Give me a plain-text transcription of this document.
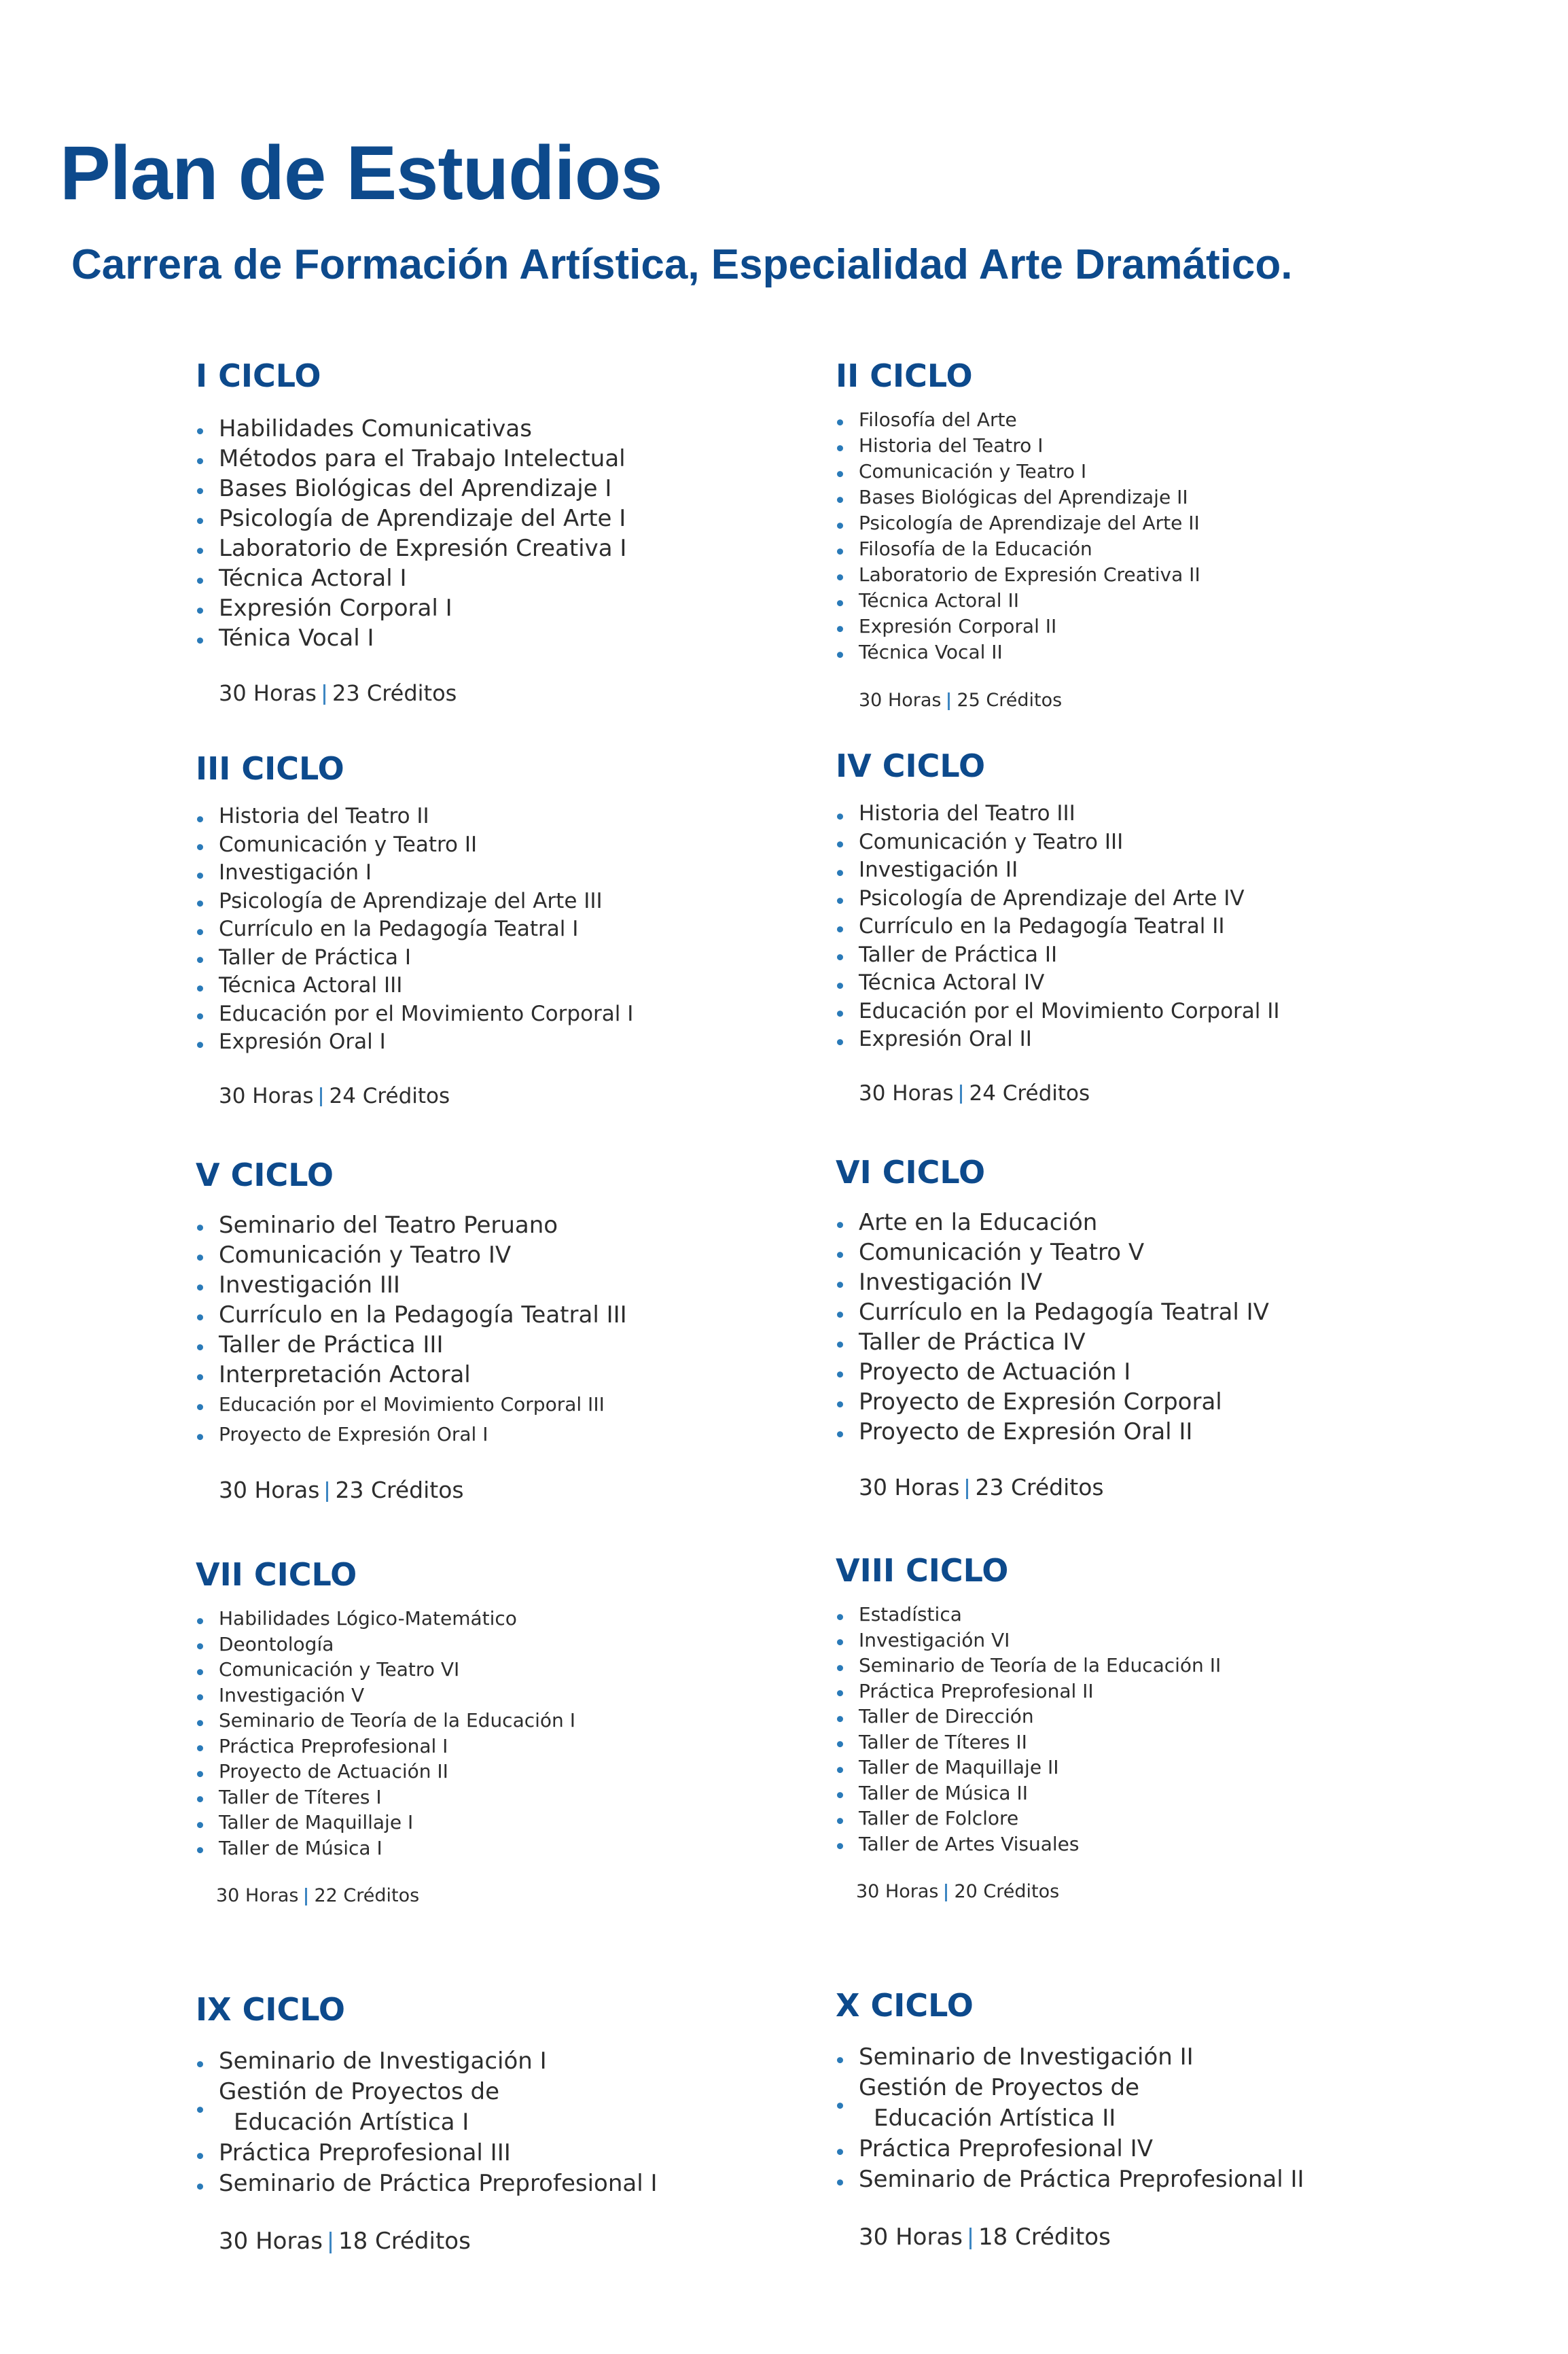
Plan de Estudios
Carrera de Formación Artística, Especialidad Arte Dramático.
I CICLO
Habilidades Comunicativas
Métodos para el Trabajo Intelectual
Bases Biológicas del Aprendizaje I
Psicología de Aprendizaje del Arte I
Laboratorio de Expresión Creativa I
Técnica Actoral I
Expresión Corporal I
Ténica Vocal I
30 Horas 23 Créditos
II CICLO
Filosofía del Arte
Historia del Teatro I
Comunicación y Teatro I
Bases Biológicas del Aprendizaje II
Psicología de Aprendizaje del Arte II
Filosofía de la Educación
Laboratorio de Expresión Creativa II
Técnica Actoral II
Expresión Corporal II
Técnica Vocal II
30 Horas 25 Créditos
III CICLO
Historia del Teatro II
Comunicación y Teatro II
Investigación I
Psicología de Aprendizaje del Arte III
Currículo en la Pedagogía Teatral I
Taller de Práctica I
Técnica Actoral III
Educación por el Movimiento Corporal I
Expresión Oral I
30 Horas 24 Créditos
IV CICLO
Historia del Teatro III
Comunicación y Teatro III
Investigación II
Psicología de Aprendizaje del Arte IV
Currículo en la Pedagogía Teatral II
Taller de Práctica II
Técnica Actoral IV
Educación por el Movimiento Corporal II
Expresión Oral II
30 Horas 24 Créditos
V CICLO
Seminario del Teatro Peruano
Comunicación y Teatro IV
Investigación III
Currículo en la Pedagogía Teatral III
Taller de Práctica III
Interpretación Actoral
Educación por el Movimiento Corporal III
Proyecto de Expresión Oral I
30 Horas 23 Créditos
VI CICLO
Arte en la Educación
Comunicación y Teatro V
Investigación IV
Currículo en la Pedagogía Teatral IV
Taller de Práctica IV
Proyecto de Actuación I
Proyecto de Expresión Corporal
Proyecto de Expresión Oral II
30 Horas 23 Créditos
VII CICLO
Habilidades Lógico-Matemático
Deontología
Comunicación y Teatro VI
Investigación V
Seminario de Teoría de la Educación I
Práctica Preprofesional I
Proyecto de Actuación II
Taller de Títeres I
Taller de Maquillaje I
Taller de Música I
30 Horas 22 Créditos
VIII CICLO
Estadística
Investigación VI
Seminario de Teoría de la Educación II
Práctica Preprofesional II
Taller de Dirección
Taller de Títeres II
Taller de Maquillaje II
Taller de Música II
Taller de Folclore
Taller de Artes Visuales
30 Horas 20 Créditos
IX CICLO
Seminario de Investigación I
Gestión de Proyectos de
Educación Artística I
Práctica Preprofesional III
Seminario de Práctica Preprofesional I
30 Horas 18 Créditos
X CICLO
Seminario de Investigación II
Gestión de Proyectos de
Educación Artística II
Práctica Preprofesional IV
Seminario de Práctica Preprofesional II
30 Horas 18 Créditos
